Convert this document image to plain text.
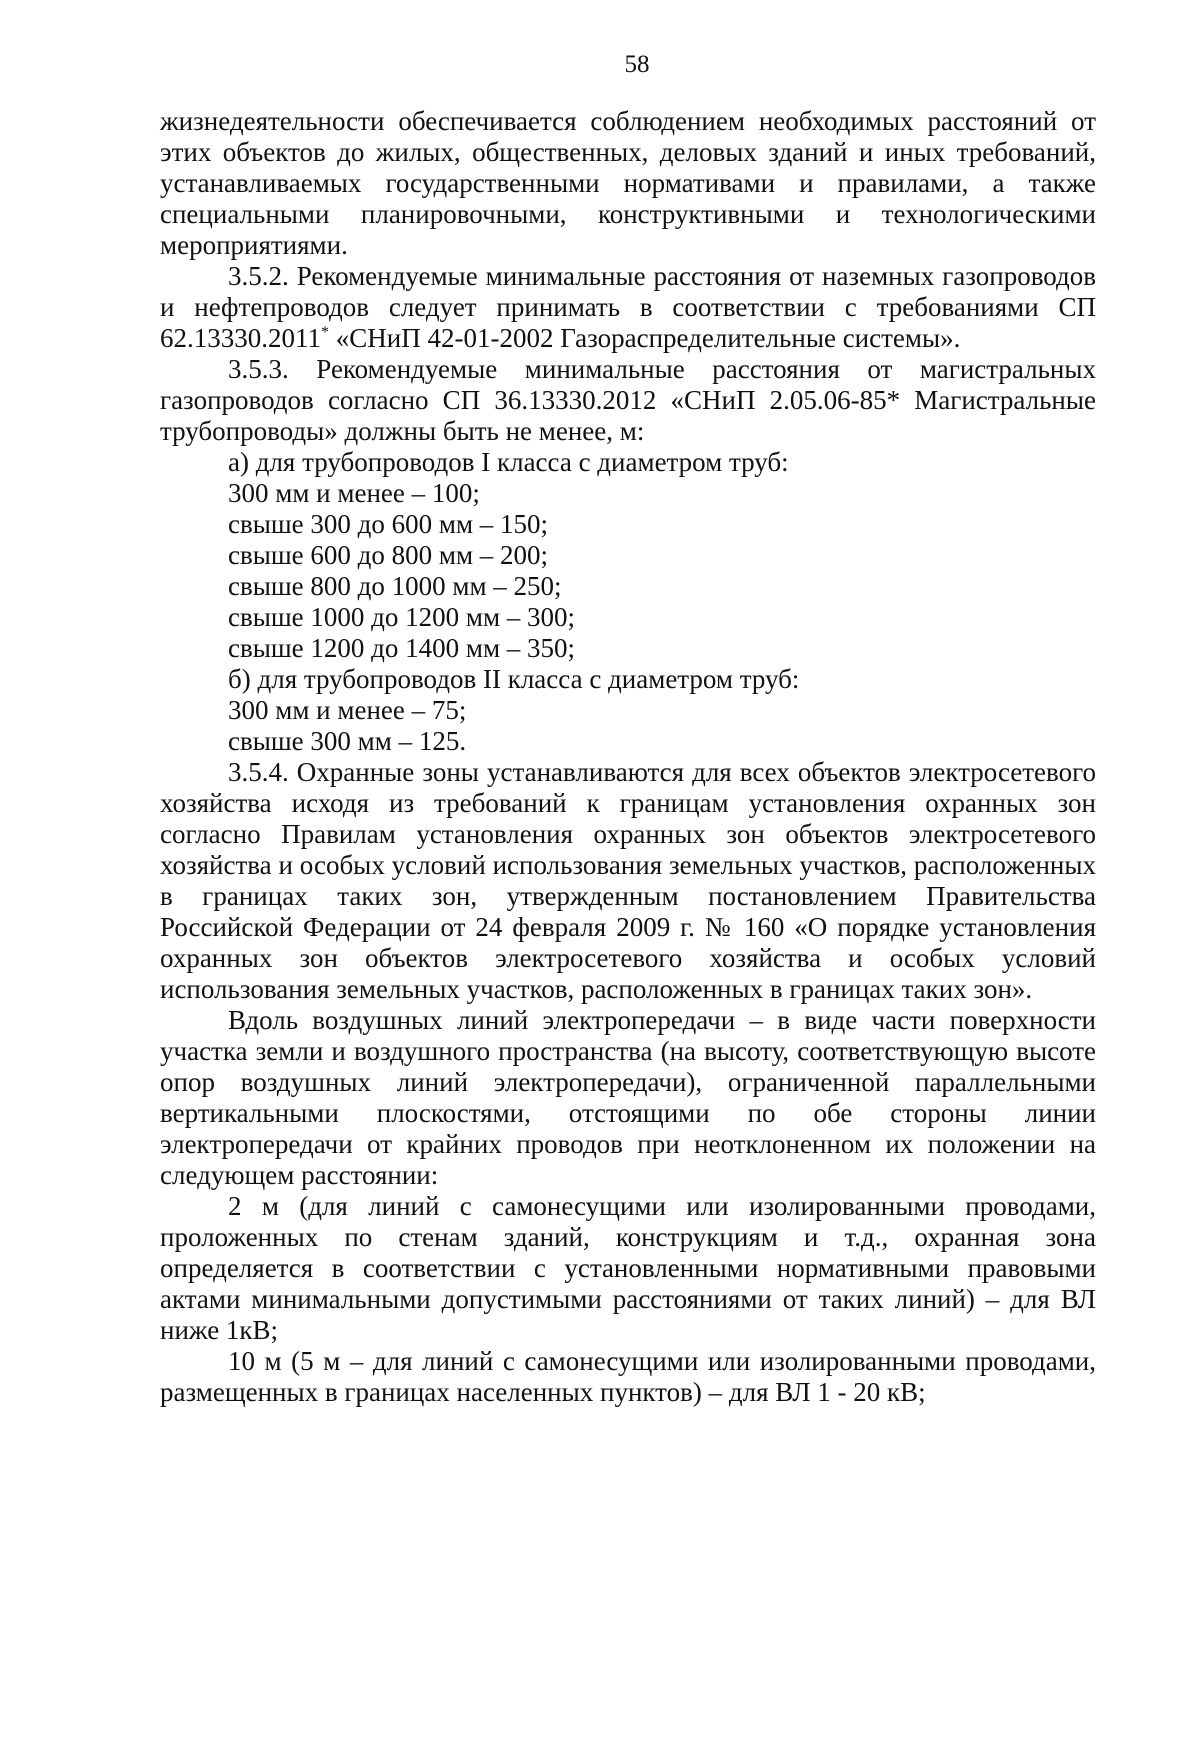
58

жизнедеятельности обеспечивается соблюдением необходимых расстояний от этих объектов до жилых, общественных, деловых зданий и иных требований, устанавливаемых государственными нормативами и правилами, а также специальными планировочными, конструктивными и технологическими мероприятиями.

3.5.2. Рекомендуемые минимальные расстояния от наземных газопроводов и нефтепроводов следует принимать в соответствии с требованиями СП 62.13330.2011* «СНиП 42-01-2002 Газораспределительные системы».

3.5.3. Рекомендуемые минимальные расстояния от магистральных газопроводов согласно СП 36.13330.2012 «СНиП 2.05.06-85* Магистральные трубопроводы» должны быть не менее, м:

а) для трубопроводов I класса с диаметром труб:

300 мм и менее – 100;

свыше 300 до 600 мм – 150;

свыше 600 до 800 мм – 200;

свыше 800 до 1000 мм – 250;

свыше 1000 до 1200 мм – 300;

свыше 1200 до 1400 мм – 350;

б) для трубопроводов II класса с диаметром труб:

300 мм и менее – 75;

свыше 300 мм – 125.

3.5.4. Охранные зоны устанавливаются для всех объектов электросетевого хозяйства исходя из требований к границам установления охранных зон согласно Правилам установления охранных зон объектов электросетевого хозяйства и особых условий использования земельных участков, расположенных в границах таких зон, утвержденным постановлением Правительства Российской Федерации от 24 февраля 2009 г. № 160 «О порядке установления охранных зон объектов электросетевого хозяйства и особых условий использования земельных участков, расположенных в границах таких зон».

Вдоль воздушных линий электропередачи – в виде части поверхности участка земли и воздушного пространства (на высоту, соответствующую высоте опор воздушных линий электропередачи), ограниченной параллельными вертикальными плоскостями, отстоящими по обе стороны линии электропередачи от крайних проводов при неотклоненном их положении на следующем расстоянии:

2 м (для линий с самонесущими или изолированными проводами, проложенных по стенам зданий, конструкциям и т.д., охранная зона определяется в соответствии с установленными нормативными правовыми актами минимальными допустимыми расстояниями от таких линий) – для ВЛ ниже 1кВ;

10 м (5 м – для линий с самонесущими или изолированными проводами, размещенных в границах населенных пунктов) – для ВЛ 1 - 20 кВ;
